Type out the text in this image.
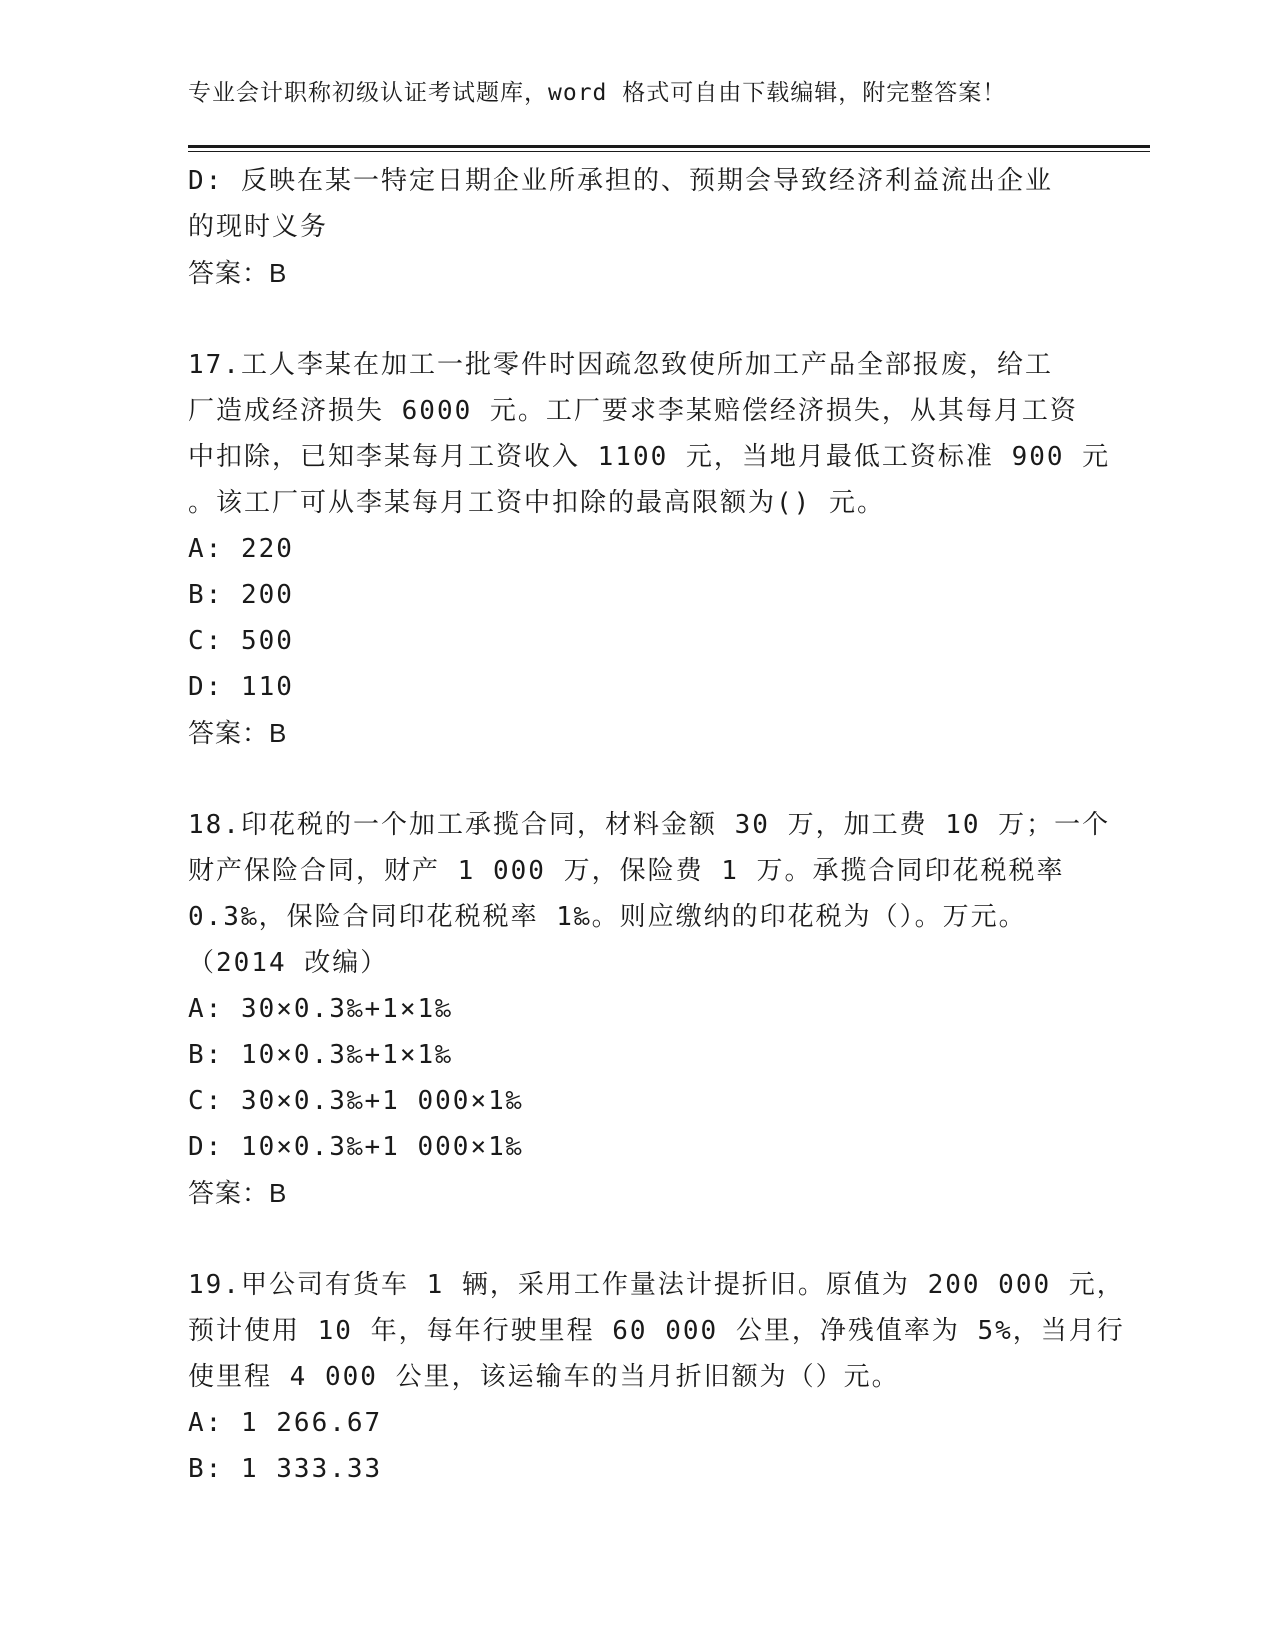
专业会计职称初级认证考试题库，word 格式可自由下载编辑，附完整答案！
D: 反映在某一特定日期企业所承担的、预期会导致经济利益流出企业
的现时义务
答案：B
17.工人李某在加工一批零件时因疏忽致使所加工产品全部报废，给工
厂造成经济损失 6000 元。工厂要求李某赔偿经济损失，从其每月工资
中扣除，已知李某每月工资收入 1100 元，当地月最低工资标准 900 元
。该工厂可从李某每月工资中扣除的最高限额为() 元。
A: 220
B: 200
C: 500
D: 110
答案：B
18.印花税的一个加工承揽合同，材料金额 30 万，加工费 10 万；一个
财产保险合同，财产 1 000 万，保险费 1 万。承揽合同印花税税率
0.3‰，保险合同印花税税率 1‰。则应缴纳的印花税为（）。万元。
（2014 改编）
A: 30×0.3‰+1×1‰
B: 10×0.3‰+1×1‰
C: 30×0.3‰+1 000×1‰
D: 10×0.3‰+1 000×1‰
答案：B
19.甲公司有货车 1 辆，采用工作量法计提折旧。原值为 200 000 元，
预计使用 10 年，每年行驶里程 60 000 公里，净残值率为 5%，当月行
使里程 4 000 公里，该运输车的当月折旧额为（）元。
A: 1 266.67
B: 1 333.33
